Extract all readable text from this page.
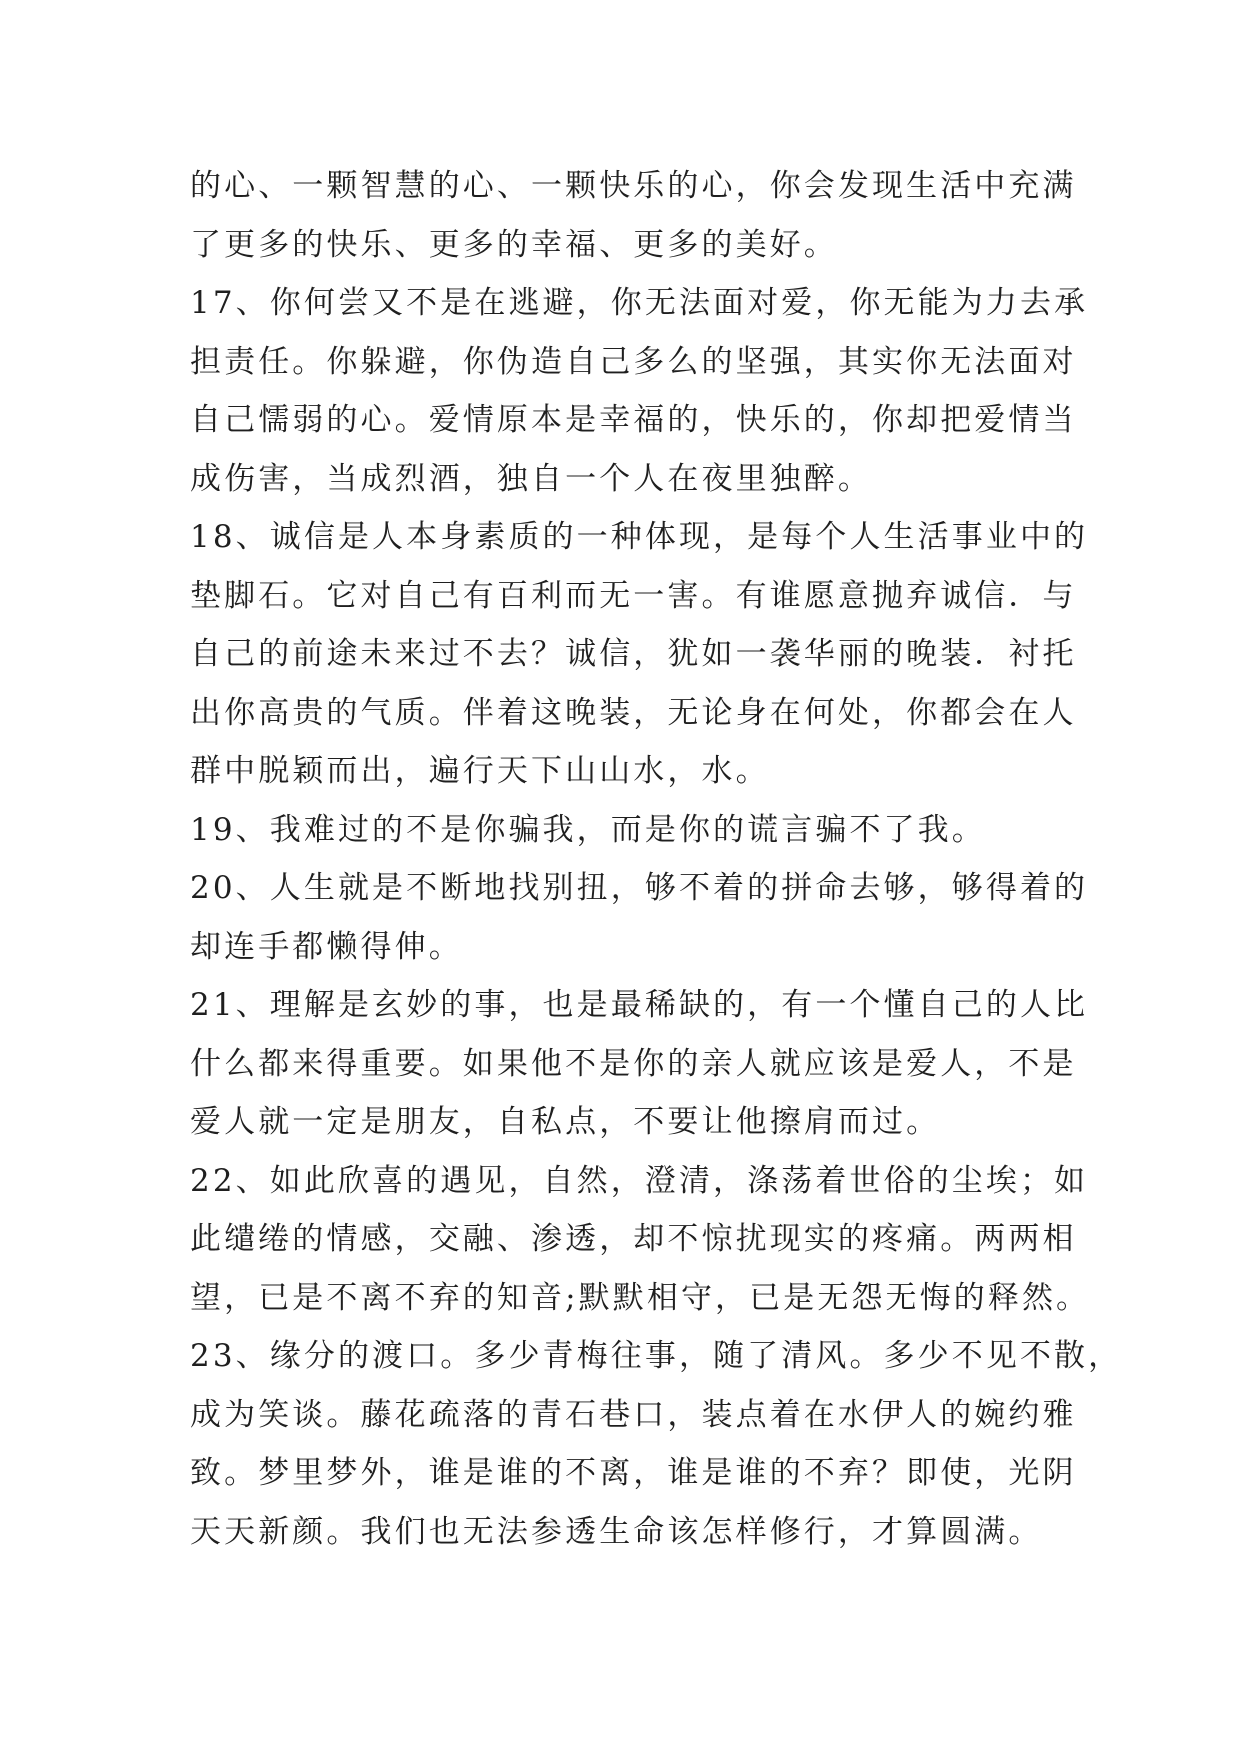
的心、一颗智慧的心、一颗快乐的心，你会发现生活中充满
了更多的快乐、更多的幸福、更多的美好。
17、你何尝又不是在逃避，你无法面对爱，你无能为力去承
担责任。你躲避，你伪造自己多么的坚强，其实你无法面对
自己懦弱的心。爱情原本是幸福的，快乐的，你却把爱情当
成伤害，当成烈酒，独自一个人在夜里独醉。
18、诚信是人本身素质的一种体现，是每个人生活事业中的
垫脚石。它对自己有百利而无一害。有谁愿意抛弃诚信．与
自己的前途未来过不去？诚信，犹如一袭华丽的晚装．衬托
出你高贵的气质。伴着这晚装，无论身在何处，你都会在人
群中脱颖而出，遍行天下山山水，水。
19、我难过的不是你骗我，而是你的谎言骗不了我。
20、人生就是不断地找别扭，够不着的拼命去够，够得着的
却连手都懒得伸。
21、理解是玄妙的事，也是最稀缺的，有一个懂自己的人比
什么都来得重要。如果他不是你的亲人就应该是爱人，不是
爱人就一定是朋友，自私点，不要让他擦肩而过。
22、如此欣喜的遇见，自然，澄清，涤荡着世俗的尘埃；如
此缱绻的情感，交融、渗透，却不惊扰现实的疼痛。两两相
望，已是不离不弃的知音;默默相守，已是无怨无悔的释然。
23、缘分的渡口。多少青梅往事，随了清风。多少不见不散，
成为笑谈。藤花疏落的青石巷口，装点着在水伊人的婉约雅
致。梦里梦外，谁是谁的不离，谁是谁的不弃？即使，光阴
天天新颜。我们也无法参透生命该怎样修行，才算圆满。
